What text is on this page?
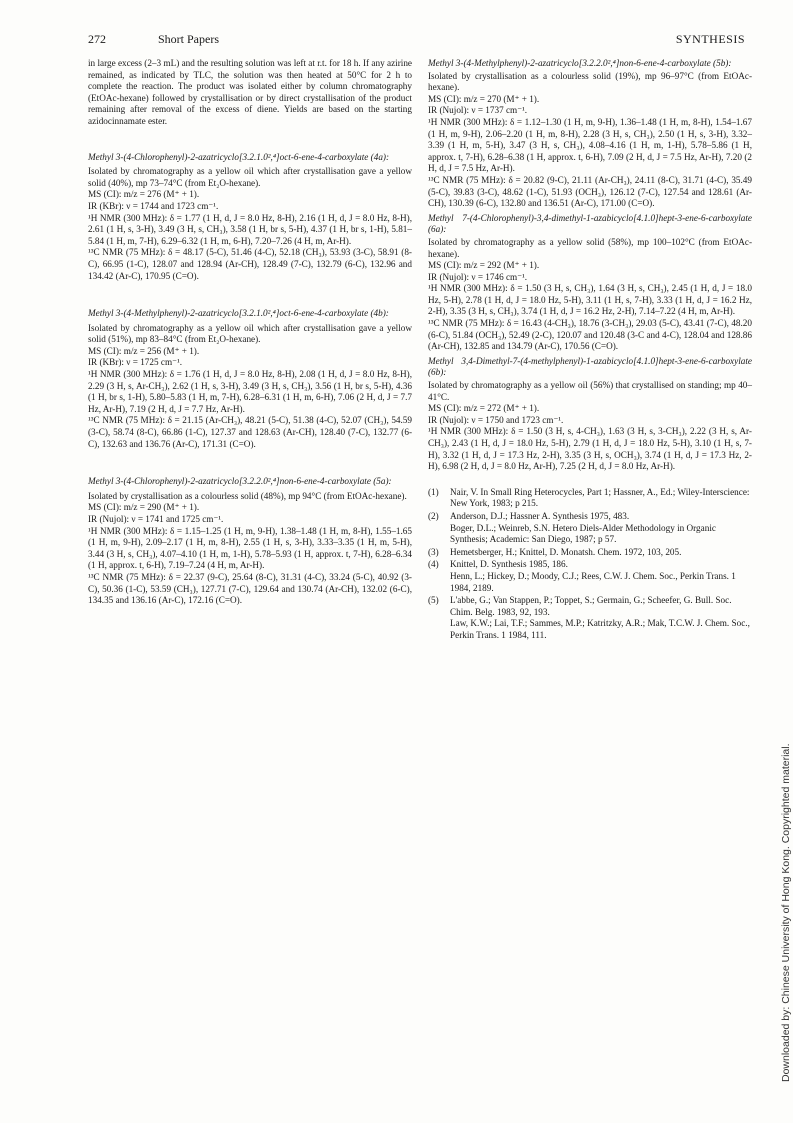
272	Short Papers	SYNTHESIS

in large excess (2–3 mL) and the resulting solution was left at r.t. for 18 h. If any azirine remained, as indicated by TLC, the solution was then heated at 50°C for 2 h to complete the reaction. The product was isolated either by column chromatography (EtOAc-hexane) followed by crystallisation or by direct crystallisation of the product remaining after removal of the excess of diene. Yields are based on the starting azidocinnamate ester.

Methyl 3-(4-Chlorophenyl)-2-azatricyclo[3.2.1.0²,⁴]oct-6-ene-4-carboxylate (4a):

Isolated by chromatography as a yellow oil which after crystallisation gave a yellow solid (40%), mp 73–74°C (from Et₂O-hexane).

MS (CI): m/z = 276 (M⁺ + 1).

IR (KBr): ν = 1744 and 1723 cm⁻¹.

¹H NMR (300 MHz): δ = 1.77 (1 H, d, J = 8.0 Hz, 8-H), 2.16 (1 H, d, J = 8.0 Hz, 8-H), 2.61 (1 H, s, 3-H), 3.49 (3 H, s, CH₃), 3.58 (1 H, br s, 5-H), 4.37 (1 H, br s, 1-H), 5.81–5.84 (1 H, m, 7-H), 6.29–6.32 (1 H, m, 6-H), 7.20–7.26 (4 H, m, Ar-H).

¹³C NMR (75 MHz): δ = 48.17 (5-C), 51.46 (4-C), 52.18 (CH₃), 53.93 (3-C), 58.91 (8-C), 66.95 (1-C), 128.07 and 128.94 (Ar-CH), 128.49 (7-C), 132.79 (6-C), 132.96 and 134.42 (Ar-C), 170.95 (C=O).

Methyl 3-(4-Methylphenyl)-2-azatricyclo[3.2.1.0²,⁴]oct-6-ene-4-carboxylate (4b):

Isolated by chromatography as a yellow oil which after crystallisation gave a yellow solid (51%), mp 83–84°C (from Et₂O-hexane).

MS (CI): m/z = 256 (M⁺ + 1).

IR (KBr): ν = 1725 cm⁻¹.

¹H NMR (300 MHz): δ = 1.76 (1 H, d, J = 8.0 Hz, 8-H), 2.08 (1 H, d, J = 8.0 Hz, 8-H), 2.29 (3 H, s, Ar-CH₃), 2.62 (1 H, s, 3-H), 3.49 (3 H, s, CH₃), 3.56 (1 H, br s, 5-H), 4.36 (1 H, br s, 1-H), 5.80–5.83 (1 H, m, 7-H), 6.28–6.31 (1 H, m, 6-H), 7.06 (2 H, d, J = 7.7 Hz, Ar-H), 7.19 (2 H, d, J = 7.7 Hz, Ar-H).

¹³C NMR (75 MHz): δ = 21.15 (Ar-CH₃), 48.21 (5-C), 51.38 (4-C), 52.07 (CH₃), 54.59 (3-C), 58.74 (8-C), 66.86 (1-C), 127.37 and 128.63 (Ar-CH), 128.40 (7-C), 132.77 (6-C), 132.63 and 136.76 (Ar-C), 171.31 (C=O).

Methyl 3-(4-Chlorophenyl)-2-azatricyclo[3.2.2.0²,⁴]non-6-ene-4-carboxylate (5a):

Isolated by crystallisation as a colourless solid (48%), mp 94°C (from EtOAc-hexane).

MS (CI): m/z = 290 (M⁺ + 1).

IR (Nujol): ν = 1741 and 1725 cm⁻¹.

¹H NMR (300 MHz): δ = 1.15–1.25 (1 H, m, 9-H), 1.38–1.48 (1 H, m, 8-H), 1.55–1.65 (1 H, m, 9-H), 2.09–2.17 (1 H, m, 8-H), 2.55 (1 H, s, 3-H), 3.33–3.35 (1 H, m, 5-H), 3.44 (3 H, s, CH₃), 4.07–4.10 (1 H, m, 1-H), 5.78–5.93 (1 H, approx. t, 7-H), 6.28–6.34 (1 H, approx. t, 6-H), 7.19–7.24 (4 H, m, Ar-H).

¹³C NMR (75 MHz): δ = 22.37 (9-C), 25.64 (8-C), 31.31 (4-C), 33.24 (5-C), 40.92 (3-C), 50.36 (1-C), 53.59 (CH₃), 127.71 (7-C), 129.64 and 130.74 (Ar-CH), 132.02 (6-C), 134.35 and 136.16 (Ar-C), 172.16 (C=O).

Methyl 3-(4-Methylphenyl)-2-azatricyclo[3.2.2.0²,⁴]non-6-ene-4-carboxylate (5b):

Isolated by crystallisation as a colourless solid (19%), mp 96–97°C (from EtOAc-hexane).

MS (CI): m/z = 270 (M⁺ + 1).

IR (Nujol): ν = 1737 cm⁻¹.

¹H NMR (300 MHz): δ = 1.12–1.30 (1 H, m, 9-H), 1.36–1.48 (1 H, m, 8-H), 1.54–1.67 (1 H, m, 9-H), 2.06–2.20 (1 H, m, 8-H), 2.28 (3 H, s, CH₃), 2.50 (1 H, s, 3-H), 3.32–3.39 (1 H, m, 5-H), 3.47 (3 H, s, CH₃), 4.08–4.16 (1 H, m, 1-H), 5.78–5.86 (1 H, approx. t, 7-H), 6.28–6.38 (1 H, approx. t, 6-H), 7.09 (2 H, d, J = 7.5 Hz, Ar-H), 7.20 (2 H, d, J = 7.5 Hz, Ar-H).

¹³C NMR (75 MHz): δ = 20.82 (9-C), 21.11 (Ar-CH₃), 24.11 (8-C), 31.71 (4-C), 35.49 (5-C), 39.83 (3-C), 48.62 (1-C), 51.93 (OCH₃), 126.12 (7-C), 127.54 and 128.61 (Ar-CH), 130.39 (6-C), 132.80 and 136.51 (Ar-C), 171.00 (C=O).

Methyl 7-(4-Chlorophenyl)-3,4-dimethyl-1-azabicyclo[4.1.0]hept-3-ene-6-carboxylate (6a):

Isolated by chromatography as a yellow solid (58%), mp 100–102°C (from EtOAc-hexane).

MS (CI): m/z = 292 (M⁺ + 1).

IR (Nujol): ν = 1746 cm⁻¹.

¹H NMR (300 MHz): δ = 1.50 (3 H, s, CH₃), 1.64 (3 H, s, CH₃), 2.45 (1 H, d, J = 18.0 Hz, 5-H), 2.78 (1 H, d, J = 18.0 Hz, 5-H), 3.11 (1 H, s, 7-H), 3.33 (1 H, d, J = 16.2 Hz, 2-H), 3.35 (3 H, s, CH₃), 3.74 (1 H, d, J = 16.2 Hz, 2-H), 7.14–7.22 (4 H, m, Ar-H).

¹³C NMR (75 MHz): δ = 16.43 (4-CH₃), 18.76 (3-CH₃), 29.03 (5-C), 43.41 (7-C), 48.20 (6-C), 51.84 (OCH₃), 52.49 (2-C), 120.07 and 120.48 (3-C and 4-C), 128.04 and 128.86 (Ar-CH), 132.85 and 134.79 (Ar-C), 170.56 (C=O).

Methyl 3,4-Dimethyl-7-(4-methylphenyl)-1-azabicyclo[4.1.0]hept-3-ene-6-carboxylate (6b):

Isolated by chromatography as a yellow oil (56%) that crystallised on standing; mp 40–41°C.

MS (CI): m/z = 272 (M⁺ + 1).

IR (Nujol): ν = 1750 and 1723 cm⁻¹.

¹H NMR (300 MHz): δ = 1.50 (3 H, s, 4-CH₃), 1.63 (3 H, s, 3-CH₃), 2.22 (3 H, s, Ar-CH₃), 2.43 (1 H, d, J = 18.0 Hz, 5-H), 2.79 (1 H, d, J = 18.0 Hz, 5-H), 3.10 (1 H, s, 7-H), 3.32 (1 H, d, J = 17.3 Hz, 2-H), 3.35 (3 H, s, OCH₃), 3.74 (1 H, d, J = 17.3 Hz, 2-H), 6.98 (2 H, d, J = 8.0 Hz, Ar-H), 7.25 (2 H, d, J = 8.0 Hz, Ar-H).

(1)	Nair, V. In Small Ring Heterocycles, Part 1; Hassner, A., Ed.; Wiley-Interscience: New York, 1983; p 215.

(2)	Anderson, D.J.; Hassner A. Synthesis 1975, 483.

Boger, D.L.; Weinreb, S.N. Hetero Diels-Alder Methodology in Organic Synthesis; Academic: San Diego, 1987; p 57.

(3)	Hemetsberger, H.; Knittel, D. Monatsh. Chem. 1972, 103, 205.

(4)	Knittel, D. Synthesis 1985, 186.

Henn, L.; Hickey, D.; Moody, C.J.; Rees, C.W. J. Chem. Soc., Perkin Trans. 1 1984, 2189.

(5)	L'abbe, G.; Van Stappen, P.; Toppet, S.; Germain, G.; Scheefer, G. Bull. Soc. Chim. Belg. 1983, 92, 193.

Law, K.W.; Lai, T.F.; Sammes, M.P.; Katritzky, A.R.; Mak, T.C.W. J. Chem. Soc., Perkin Trans. 1 1984, 111.

Downloaded by: Chinese University of Hong Kong. Copyrighted material.
